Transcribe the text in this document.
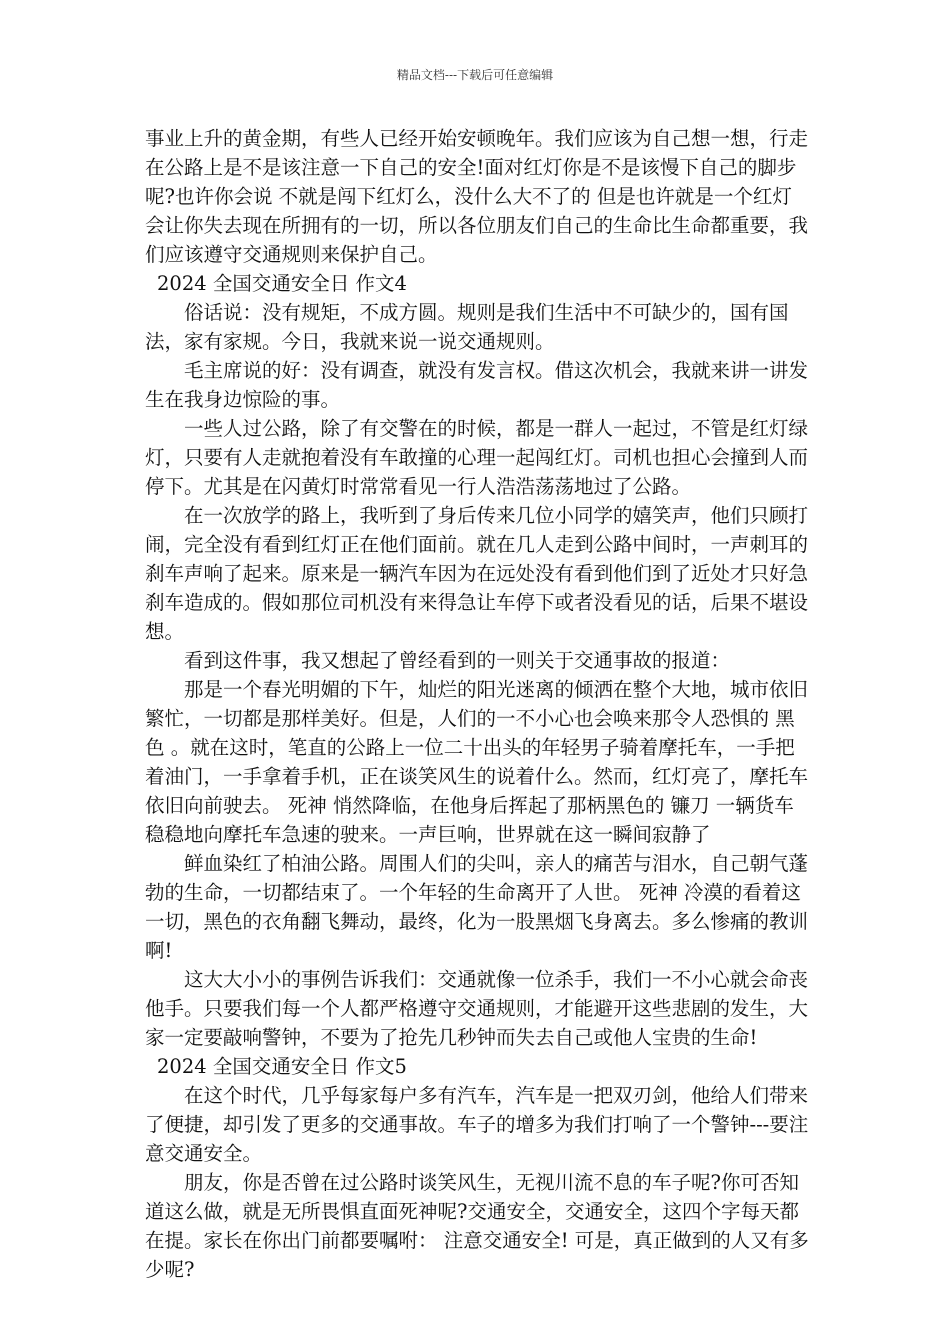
精品文档---下载后可任意编辑

事业上升的黄金期，有些人已经开始安顿晚年。我们应该为自己想一想，行走在公路上是不是该注意一下自己的安全!面对红灯你是不是该慢下自己的脚步呢?也许你会说 不就是闯下红灯么，没什么大不了的 但是也许就是一个红灯会让你失去现在所拥有的一切，所以各位朋友们自己的生命比生命都重要，我们应该遵守交通规则来保护自己。

2024 全国交通安全日 作文4

俗话说：没有规矩，不成方圆。规则是我们生活中不可缺少的，国有国法，家有家规。今日，我就来说一说交通规则。

毛主席说的好：没有调查，就没有发言权。借这次机会，我就来讲一讲发生在我身边惊险的事。

一些人过公路，除了有交警在的时候，都是一群人一起过，不管是红灯绿灯，只要有人走就抱着没有车敢撞的心理一起闯红灯。司机也担心会撞到人而停下。尤其是在闪黄灯时常常看见一行人浩浩荡荡地过了公路。

在一次放学的路上，我听到了身后传来几位小同学的嬉笑声，他们只顾打闹，完全没有看到红灯正在他们面前。就在几人走到公路中间时，一声刺耳的刹车声响了起来。原来是一辆汽车因为在远处没有看到他们到了近处才只好急刹车造成的。假如那位司机没有来得急让车停下或者没看见的话，后果不堪设想。

看到这件事，我又想起了曾经看到的一则关于交通事故的报道：

那是一个春光明媚的下午，灿烂的阳光迷离的倾洒在整个大地，城市依旧繁忙，一切都是那样美好。但是，人们的一不小心也会唤来那令人恐惧的 黑色 。就在这时，笔直的公路上一位二十出头的年轻男子骑着摩托车，一手把着油门，一手拿着手机，正在谈笑风生的说着什么。然而，红灯亮了，摩托车依旧向前驶去。 死神 悄然降临，在他身后挥起了那柄黑色的 镰刀 一辆货车稳稳地向摩托车急速的驶来。一声巨响，世界就在这一瞬间寂静了

鲜血染红了柏油公路。周围人们的尖叫，亲人的痛苦与泪水，自己朝气蓬勃的生命，一切都结束了。一个年轻的生命离开了人世。 死神 冷漠的看着这一切，黑色的衣角翻飞舞动，最终，化为一股黑烟飞身离去。多么惨痛的教训啊!

这大大小小的事例告诉我们：交通就像一位杀手，我们一不小心就会命丧他手。只要我们每一个人都严格遵守交通规则，才能避开这些悲剧的发生，大家一定要敲响警钟，不要为了抢先几秒钟而失去自己或他人宝贵的生命!

2024 全国交通安全日 作文5

在这个时代，几乎每家每户多有汽车，汽车是一把双刃剑，他给人们带来了便捷，却引发了更多的交通事故。车子的增多为我们打响了一个警钟---要注意交通安全。

朋友，你是否曾在过公路时谈笑风生，无视川流不息的车子呢?你可否知道这么做，就是无所畏惧直面死神呢?交通安全，交通安全，这四个字每天都在提。家长在你出门前都要嘱咐： 注意交通安全! 可是，真正做到的人又有多少呢?
